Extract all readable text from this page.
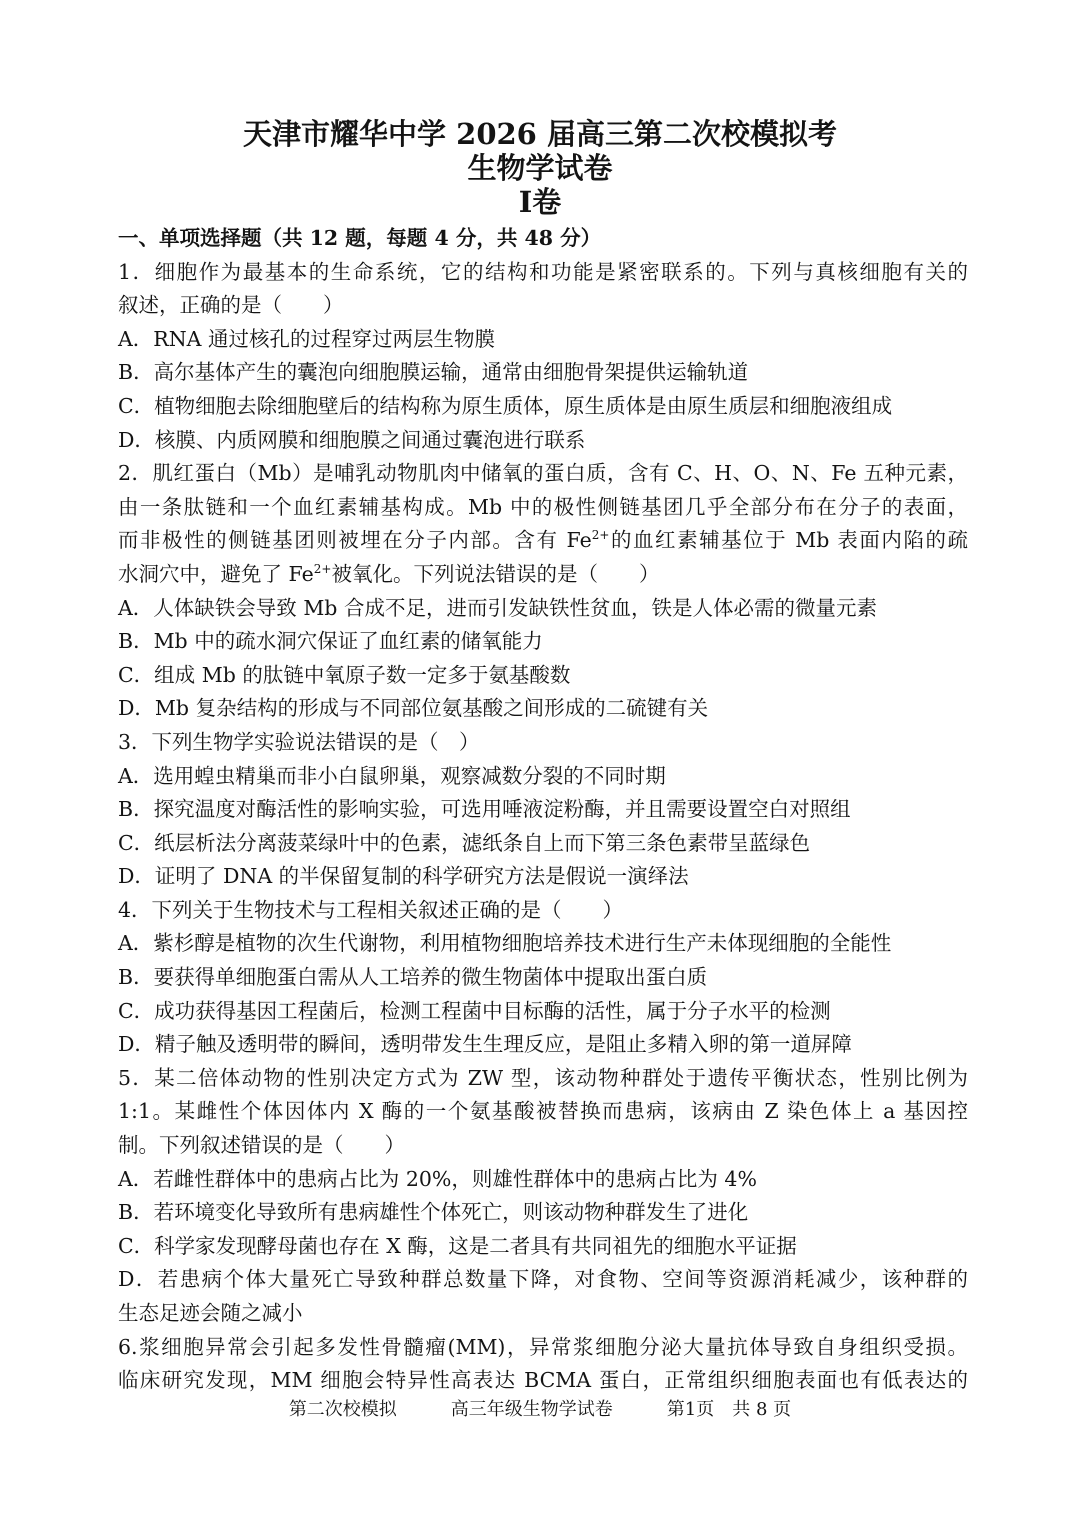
天津市耀华中学 2026 届高三第二次校模拟考
生物学试卷
I卷
一、单项选择题（共 12 题，每题 4 分，共 48 分）
1．细胞作为最基本的生命系统，它的结构和功能是紧密联系的。下列与真核细胞有关的
叙述，正确的是（　　）
A．RNA 通过核孔的过程穿过两层生物膜
B．高尔基体产生的囊泡向细胞膜运输，通常由细胞骨架提供运输轨道
C．植物细胞去除细胞壁后的结构称为原生质体，原生质体是由原生质层和细胞液组成
D．核膜、内质网膜和细胞膜之间通过囊泡进行联系
2．肌红蛋白（Mb）是哺乳动物肌肉中储氧的蛋白质，含有 C、H、O、N、Fe 五种元素，
由一条肽链和一个血红素辅基构成。Mb 中的极性侧链基团几乎全部分布在分子的表面，
而非极性的侧链基团则被埋在分子内部。含有 $Fe^{2+}$的血红素辅基位于 Mb 表面内陷的疏
水洞穴中，避免了 $Fe^{2+}$被氧化。下列说法错误的是（　　）
A．人体缺铁会导致 Mb 合成不足，进而引发缺铁性贫血，铁是人体必需的微量元素
B．Mb 中的疏水洞穴保证了血红素的储氧能力
C．组成 Mb 的肽链中氧原子数一定多于氨基酸数
D．Mb 复杂结构的形成与不同部位氨基酸之间形成的二硫键有关
3．下列生物学实验说法错误的是（　）
A．选用蝗虫精巢而非小白鼠卵巢，观察减数分裂的不同时期
B．探究温度对酶活性的影响实验，可选用唾液淀粉酶，并且需要设置空白对照组
C．纸层析法分离菠菜绿叶中的色素，滤纸条自上而下第三条色素带呈蓝绿色
D．证明了 DNA 的半保留复制的科学研究方法是假说一演绎法
4．下列关于生物技术与工程相关叙述正确的是（　　）
A．紫杉醇是植物的次生代谢物，利用植物细胞培养技术进行生产未体现细胞的全能性
B．要获得单细胞蛋白需从人工培养的微生物菌体中提取出蛋白质
C．成功获得基因工程菌后，检测工程菌中目标酶的活性，属于分子水平的检测
D．精子触及透明带的瞬间，透明带发生生理反应，是阻止多精入卵的第一道屏障
5．某二倍体动物的性别决定方式为 ZW 型，该动物种群处于遗传平衡状态，性别比例为
1:1。某雌性个体因体内 X 酶的一个氨基酸被替换而患病，该病由 Z 染色体上 a 基因控
制。下列叙述错误的是（　　）
A．若雌性群体中的患病占比为 20%，则雄性群体中的患病占比为 4%
B．若环境变化导致所有患病雄性个体死亡，则该动物种群发生了进化
C．科学家发现酵母菌也存在 X 酶，这是二者具有共同祖先的细胞水平证据
D．若患病个体大量死亡导致种群总数量下降，对食物、空间等资源消耗减少，该种群的
生态足迹会随之减小
6.浆细胞异常会引起多发性骨髓瘤(MM)，异常浆细胞分泌大量抗体导致自身组织受损。
临床研究发现，MM 细胞会特异性高表达 BCMA 蛋白，正常组织细胞表面也有低表达的
第二次校模拟　　　高三年级生物学试卷　　　第1页　共 8 页
